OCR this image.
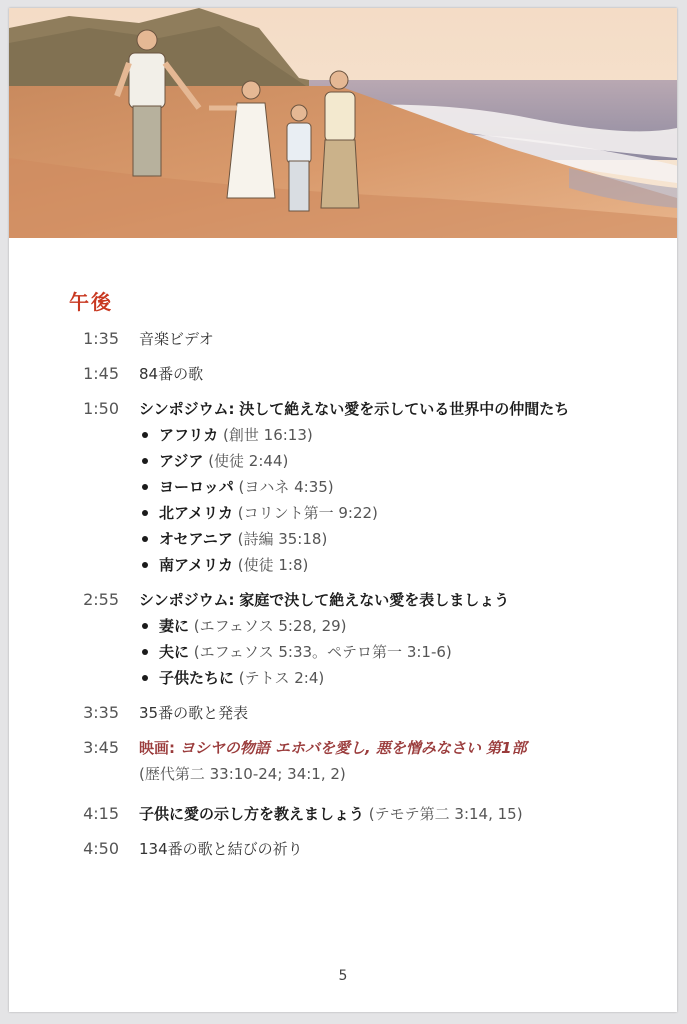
午後
1:35 音楽ビデオ
1:45 84番の歌
1:50 シンポジウム: 決して絶えない愛を示している世界中の仲間たち
アフリカ (創世 16:13)
アジア (使徒 2:44)
ヨーロッパ (ヨハネ 4:35)
北アメリカ (コリント第一 9:22)
オセアニア (詩編 35:18)
南アメリカ (使徒 1:8)
2:55 シンポジウム: 家庭で決して絶えない愛を表しましょう
妻に (エフェソス 5:28, 29)
夫に (エフェソス 5:33。ペテロ第一 3:1-6)
子供たちに (テトス 2:4)
3:35 35番の歌と発表
3:45 映画: ヨシヤの物語 エホバを愛し, 悪を憎みなさい 第1部
(歴代第二 33:10-24; 34:1, 2)
4:15 子供に愛の示し方を教えましょう (テモテ第二 3:14, 15)
4:50 134番の歌と結びの祈り
5
